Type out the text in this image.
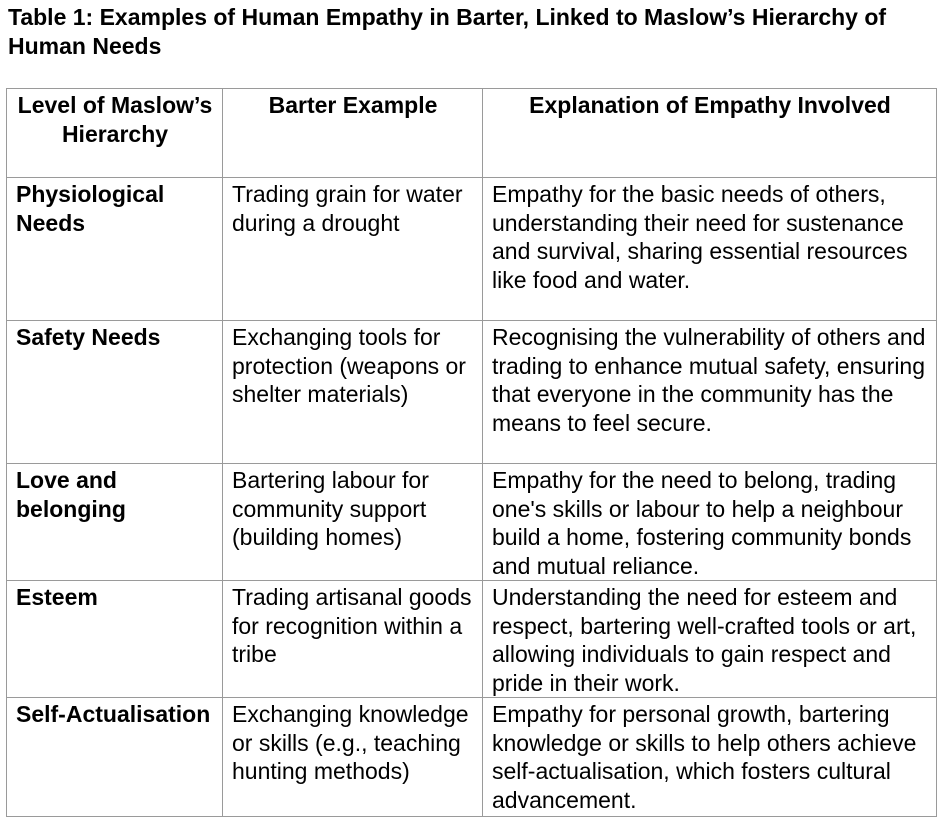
Table 1: Examples of Human Empathy in Barter, Linked to Maslow’s Hierarchy of Human Needs

Level of Maslow’s Hierarchy	Barter Example	Explanation of Empathy Involved
Physiological Needs	Trading grain for water during a drought	Empathy for the basic needs of others, understanding their need for sustenance and survival, sharing essential resources like food and water.
Safety Needs	Exchanging tools for protection (weapons or shelter materials)	Recognising the vulnerability of others and trading to enhance mutual safety, ensuring that everyone in the community has the means to feel secure.
Love and belonging	Bartering labour for community support (building homes)	Empathy for the need to belong, trading one's skills or labour to help a neighbour build a home, fostering community bonds and mutual reliance.
Esteem	Trading artisanal goods for recognition within a tribe	Understanding the need for esteem and respect, bartering well-crafted tools or art, allowing individuals to gain respect and pride in their work.
Self-Actualisation	Exchanging knowledge or skills (e.g., teaching hunting methods)	Empathy for personal growth, bartering knowledge or skills to help others achieve self-actualisation, which fosters cultural advancement.
